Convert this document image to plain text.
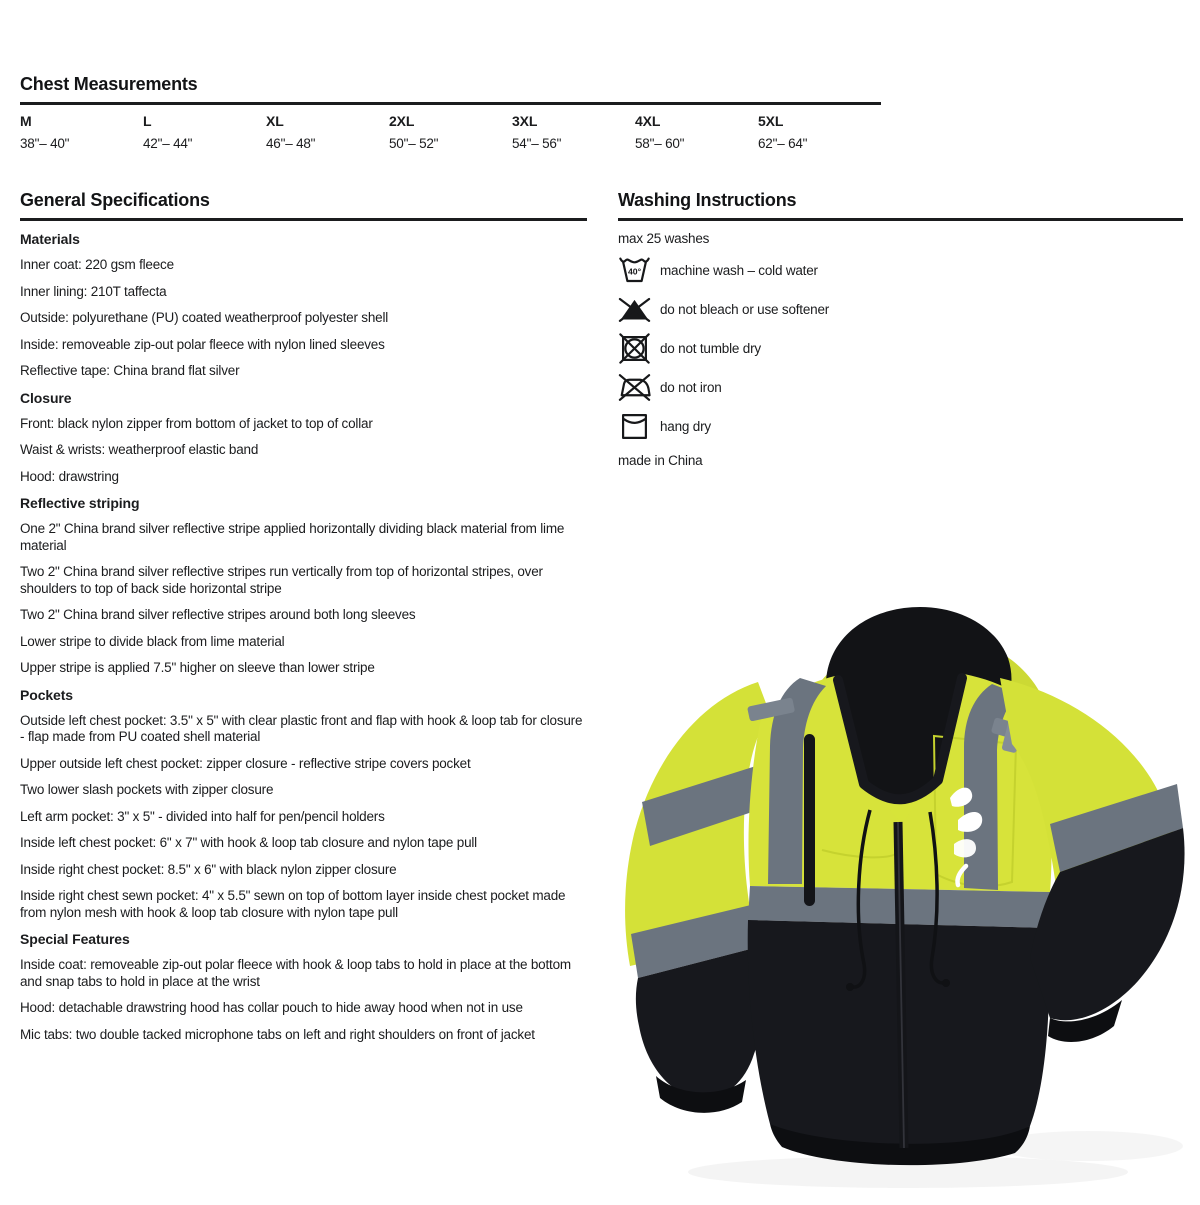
Chest Measurements
M	L	XL	2XL	3XL	4XL	5XL
38"– 40"	42"– 44"	46"– 48"	50"– 52"	54"– 56"	58"– 60"	62"– 64"
General Specifications
Materials

Inner coat: 220 gsm fleece

Inner lining: 210T taffecta

Outside: polyurethane (PU) coated weatherproof polyester shell

Inside: removeable zip-out polar fleece with nylon lined sleeves

Reflective tape: China brand flat silver

Closure

Front: black nylon zipper from bottom of jacket to top of collar

Waist & wrists: weatherproof elastic band

Hood: drawstring

Reflective striping

One 2" China brand silver reflective stripe applied horizontally dividing black material from lime material

Two 2" China brand silver reflective stripes run vertically from top of horizontal stripes, over shoulders to top of back side horizontal stripe

Two 2" China brand silver reflective stripes around both long sleeves

Lower stripe to divide black from lime material

Upper stripe is applied 7.5" higher on sleeve than lower stripe

Pockets

Outside left chest pocket: 3.5" x 5" with clear plastic front and flap with hook & loop tab for closure - flap made from PU coated shell material

Upper outside left chest pocket: zipper closure - reflective stripe covers pocket

Two lower slash pockets with zipper closure

Left arm pocket: 3" x 5" - divided into half for pen/pencil holders

Inside left chest pocket: 6" x 7" with hook & loop tab closure and nylon tape pull

Inside right chest pocket: 8.5" x 6" with black nylon zipper closure

Inside right chest sewn pocket: 4" x 5.5" sewn on top of bottom layer inside chest pocket made from nylon mesh with hook & loop tab closure with nylon tape pull

Special Features

Inside coat: removeable zip-out polar fleece with hook & loop tabs to hold in place at the bottom and snap tabs to hold in place at the wrist

Hood: detachable drawstring hood has collar pouch to hide away hood when not in use

Mic tabs: two double tacked microphone tabs on left and right shoulders on front of jacket

Washing Instructions

max 25 washes

40° machine wash – cold water
do not bleach or use softener
do not tumble dry
do not iron
hang dry

made in China
